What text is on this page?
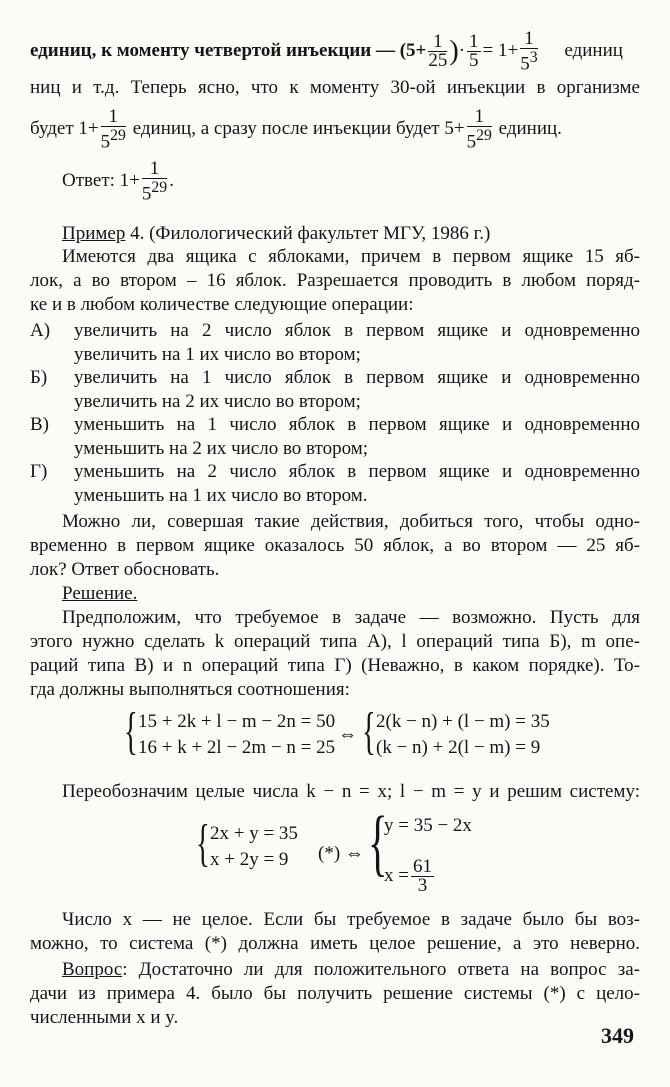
единиц, к моменту четвертой инъекции — ($5+ \frac{1}{25}$ )· $\frac{1}{5} = 1+ \frac{1}{5^3}$ единиц
ниц и т.д. Теперь ясно, что к моменту 30-ой инъекции в организме
будет $1+ \frac{1}{5^{29}}$ единиц, а сразу после инъекции будет $5+ \frac{1}{5^{29}}$ единиц.
Ответ: $1+ \frac{1}{5^{29}}$ .
Пример 4. (Филологический факультет МГУ, 1986 г.)
Имеются два ящика с яблоками, причем в первом ящике 15 яб-
лок, а во втором – 16 яблок. Разрешается проводить в любом поряд-
ке и в любом количестве следующие операции:
А) увеличить на 2 число яблок в первом ящике и одновременно
увеличить на 1 их число во втором;
Б) увеличить на 1 число яблок в первом ящике и одновременно
увеличить на 2 их число во втором;
В) уменьшить на 1 число яблок в первом ящике и одновременно
уменьшить на 2 их число во втором;
Г) уменьшить на 2 число яблок в первом ящике и одновременно
уменьшить на 1 их число во втором.
Можно ли, совершая такие действия, добиться того, чтобы одно-
временно в первом ящике оказалось 50 яблок, а во втором — 25 яб-
лок? Ответ обосновать.
Решение.
Предположим, что требуемое в задаче — возможно. Пусть для
этого нужно сделать k операций типа А), l операций типа Б), m опе-
раций типа В) и n операций типа Г) (Неважно, в каком порядке). То-
гда должны выполняться соотношения:
{ 15 + 2k + l − m − 2n = 50
16 + k + 2l − 2m − n = 25
⇔ { 2(k − n) + (l − m) = 35
(k − n) + 2(l − m) = 9
Переобозначим целые числа k − n = x; l − m = y и решим систему:
{ 2x + y = 35
x + 2y = 9 (*) ⇔ {
y = 35 − 2x
$x = \frac{61}{3}$
Число x — не целое. Если бы требуемое в задаче было бы воз-
можно, то система (*) должна иметь целое решение, а это неверно.
Вопрос: Достаточно ли для положительного ответа на вопрос за-
дачи из примера 4. было бы получить решение системы (*) с цело-
численными x и y.
349
